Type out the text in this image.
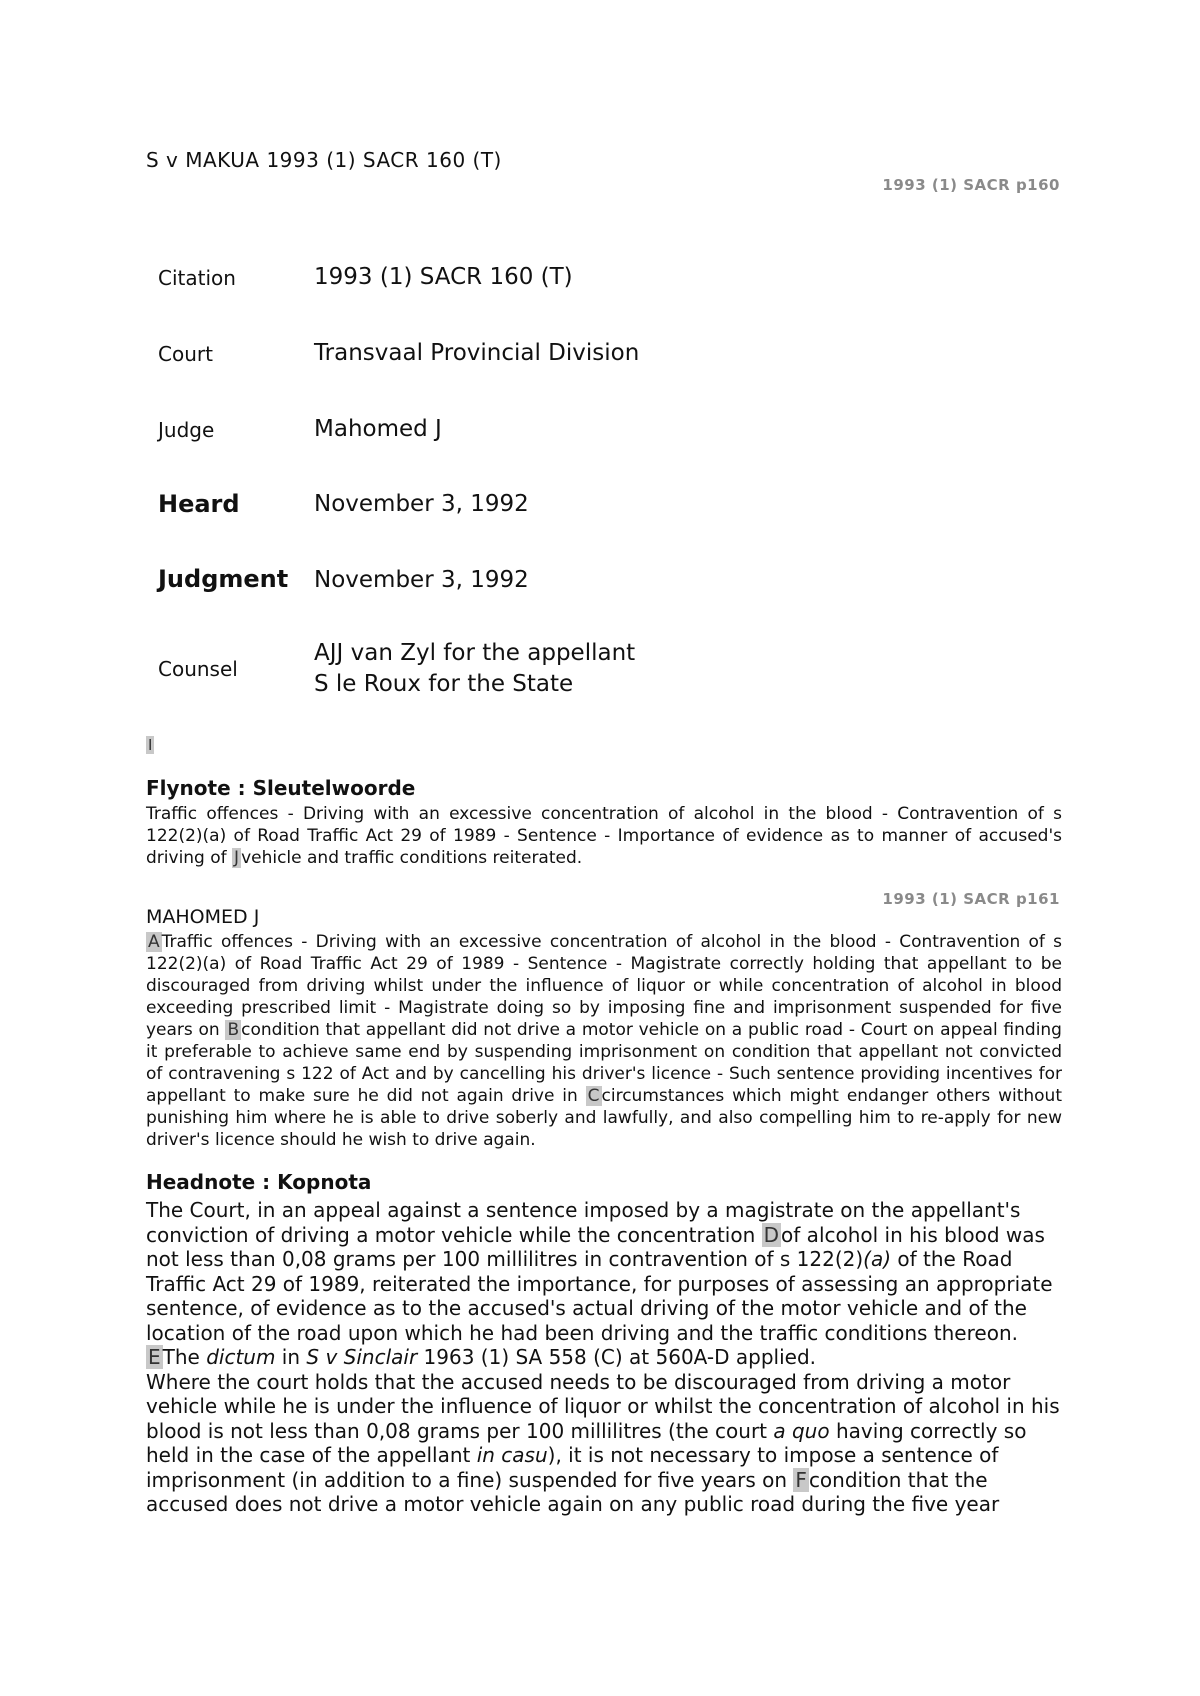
S v MAKUA 1993 (1) SACR 160 (T)
1993 (1) SACR p160
Citation	1993 (1) SACR 160 (T)
Court	Transvaal Provincial Division
Judge	Mahomed J
Heard	November 3, 1992
Judgment November 3, 1992
Counsel
AJJ van Zyl for the appellant
S le Roux for the State
I
Flynote : Sleutelwoorde

Traffic offences - Driving with an excessive concentration of alcohol in the blood - Contravention of s 122(2)(a) of Road Traffic Act 29 of 1989 - Sentence - Importance of evidence as to manner of accused's driving of J vehicle and traffic conditions reiterated.

1993 (1) SACR p161
MAHOMED J

A Traffic offences - Driving with an excessive concentration of alcohol in the blood - Contravention of s 122(2)(a) of Road Traffic Act 29 of 1989 - Sentence - Magistrate correctly holding that appellant to be discouraged from driving whilst under the influence of liquor or while concentration of alcohol in blood exceeding prescribed limit - Magistrate doing so by imposing fine and imprisonment suspended for five years on B condition that appellant did not drive a motor vehicle on a public road - Court on appeal finding it preferable to achieve same end by suspending imprisonment on condition that appellant not convicted of contravening s 122 of Act and by cancelling his driver's licence - Such sentence providing incentives for appellant to make sure he did not again drive in C circumstances which might endanger others without punishing him where he is able to drive soberly and lawfully, and also compelling him to re-apply for new driver's licence should he wish to drive again.

Headnote : Kopnota

The Court, in an appeal against a sentence imposed by a magistrate on the appellant's conviction of driving a motor vehicle while the concentration D of alcohol in his blood was not less than 0,08 grams per 100 millilitres in contravention of s 122(2)(a) of the Road Traffic Act 29 of 1989, reiterated the importance, for purposes of assessing an appropriate sentence, of evidence as to the accused's actual driving of the motor vehicle and of the location of the road upon which he had been driving and the traffic conditions thereon.

E The dictum in S v Sinclair 1963 (1) SA 558 (C) at 560A-D applied.

Where the court holds that the accused needs to be discouraged from driving a motor vehicle while he is under the influence of liquor or whilst the concentration of alcohol in his blood is not less than 0,08 grams per 100 millilitres (the court a quo having correctly so held in the case of the appellant in casu), it is not necessary to impose a sentence of imprisonment (in addition to a fine) suspended for five years on F condition that the accused does not drive a motor vehicle again on any public road during the five year
